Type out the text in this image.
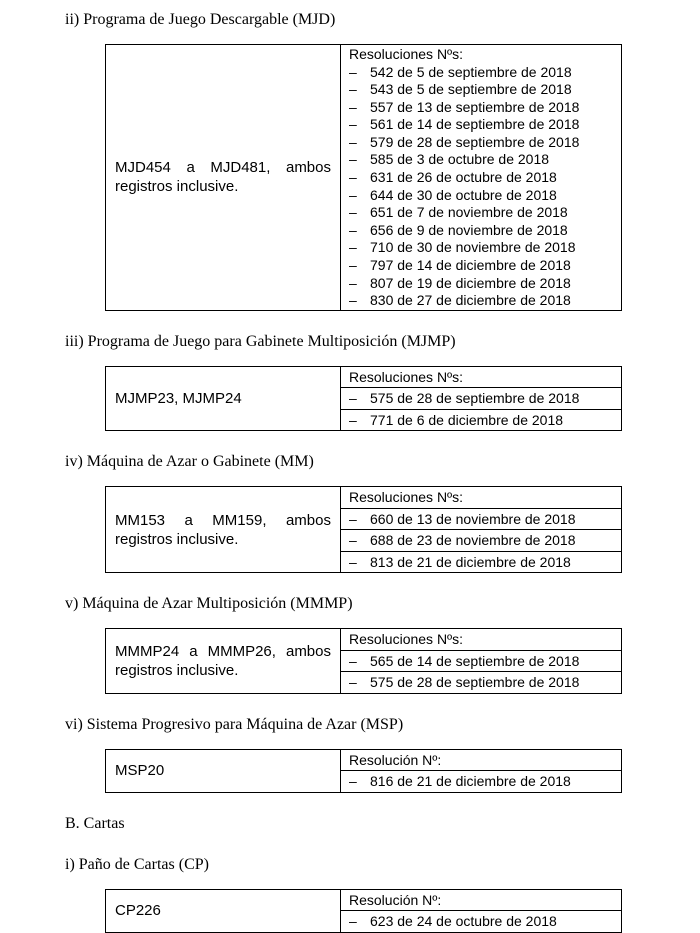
ii) Programa de Juego Descargable (MJD)
MJD454 a MJD481, ambos registros inclusive.
Resoluciones Nºs:
– 542 de 5 de septiembre de 2018
– 543 de 5 de septiembre de 2018
– 557 de 13 de septiembre de 2018
– 561 de 14 de septiembre de 2018
– 579 de 28 de septiembre de 2018
– 585 de 3 de octubre de 2018
– 631 de 26 de octubre de 2018
– 644 de 30 de octubre de 2018
– 651 de 7 de noviembre de 2018
– 656 de 9 de noviembre de 2018
– 710 de 30 de noviembre de 2018
– 797 de 14 de diciembre de 2018
– 807 de 19 de diciembre de 2018
– 830 de 27 de diciembre de 2018
iii) Programa de Juego para Gabinete Multiposición (MJMP)
MJMP23, MJMP24
Resoluciones Nºs:
– 575 de 28 de septiembre de 2018
– 771 de 6 de diciembre de 2018
iv) Máquina de Azar o Gabinete (MM)
MM153 a MM159, ambos registros inclusive.
Resoluciones Nºs:
– 660 de 13 de noviembre de 2018
– 688 de 23 de noviembre de 2018
– 813 de 21 de diciembre de 2018
v) Máquina de Azar Multiposición (MMMP)
MMMP24 a MMMP26, ambos registros inclusive.
Resoluciones Nºs:
– 565 de 14 de septiembre de 2018
– 575 de 28 de septiembre de 2018
vi) Sistema Progresivo para Máquina de Azar (MSP)
MSP20
Resolución Nº:
– 816 de 21 de diciembre de 2018
B. Cartas
i) Paño de Cartas (CP)
CP226
Resolución Nº:
– 623 de 24 de octubre de 2018
